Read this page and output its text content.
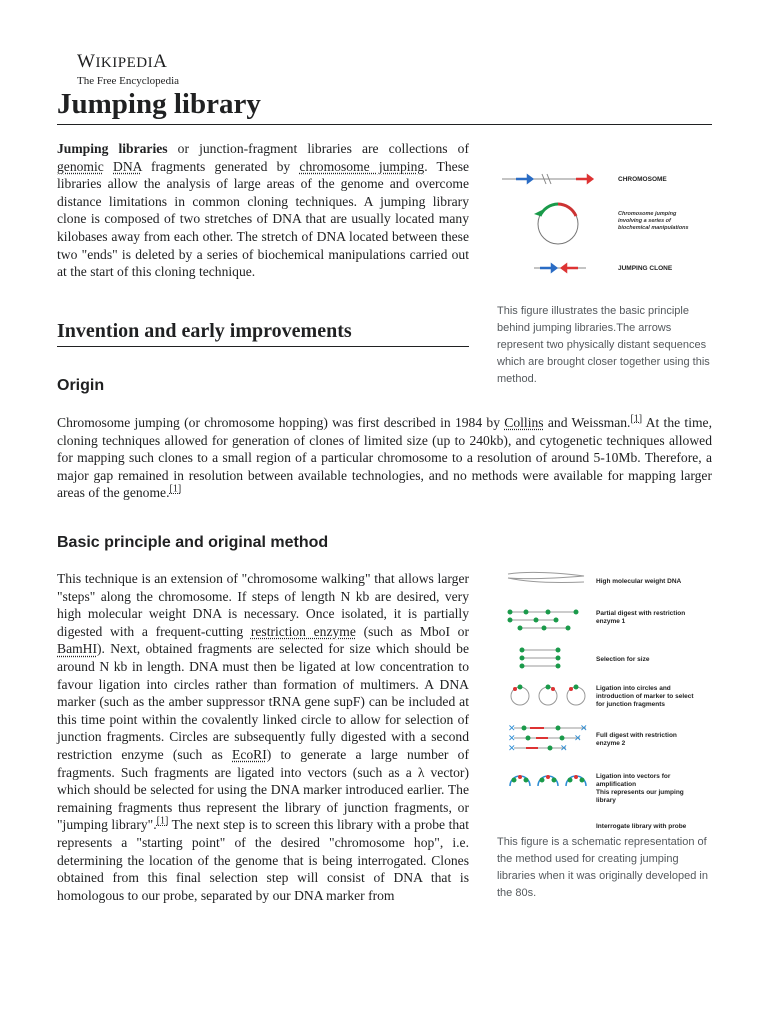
WIKIPEDIA
The Free Encyclopedia
Jumping library

Jumping libraries or junction-fragment libraries are collections of genomic DNA fragments generated by chromosome jumping. These libraries allow the analysis of large areas of the genome and overcome distance limitations in common cloning techniques. A jumping library clone is composed of two stretches of DNA that are usually located many kilobases away from each other. The stretch of DNA located between these two "ends" is deleted by a series of biochemical manipulations carried out at the start of this cloning technique.

CHROMOSOME
Chromosome jumping
involving a series of
biochemical manipulations
JUMPING CLONE

This figure illustrates the basic principle behind jumping libraries.The arrows represent two physically distant sequences which are brought closer together using this method.

Invention and early improvements
Origin

Chromosome jumping (or chromosome hopping) was first described in 1984 by Collins and Weissman.[1] At the time, cloning techniques allowed for generation of clones of limited size (up to 240kb), and cytogenetic techniques allowed for mapping such clones to a small region of a particular chromosome to a resolution of around 5-10Mb. Therefore, a major gap remained in resolution between available technologies, and no methods were available for mapping larger areas of the genome.[1]

Basic principle and original method

This technique is an extension of "chromosome walking" that allows larger "steps" along the chromosome. If steps of length N kb are desired, very high molecular weight DNA is necessary. Once isolated, it is partially digested with a frequent-cutting restriction enzyme (such as MboI or BamHI). Next, obtained fragments are selected for size which should be around N kb in length. DNA must then be ligated at low concentration to favour ligation into circles rather than formation of multimers. A DNA marker (such as the amber suppressor tRNA gene supF) can be included at this time point within the covalently linked circle to allow for selection of junction fragments. Circles are subsequently fully digested with a second restriction enzyme (such as EcoRI) to generate a large number of fragments. Such fragments are ligated into vectors (such as a λ vector) which should be selected for using the DNA marker introduced earlier. The remaining fragments thus represent the library of junction fragments, or "jumping library".[1] The next step is to screen this library with a probe that represents a "starting point" of the desired "chromosome hop", i.e. determining the location of the genome that is being interrogated. Clones obtained from this final selection step will consist of DNA that is homologous to our probe, separated by our DNA marker from

High molecular weight DNA
Partial digest with restriction
enzyme 1
Selection for size
Ligation into circles and
introduction of marker to select
for junction fragments
✕	✕
✕	✕
✕	✕
Full digest with restriction
enzyme 2
Ligation into vectors for
amplification
This represents our jumping
library
Interrogate library with probe

This figure is a schematic representation of the method used for creating jumping libraries when it was originally developed in the 80s.
